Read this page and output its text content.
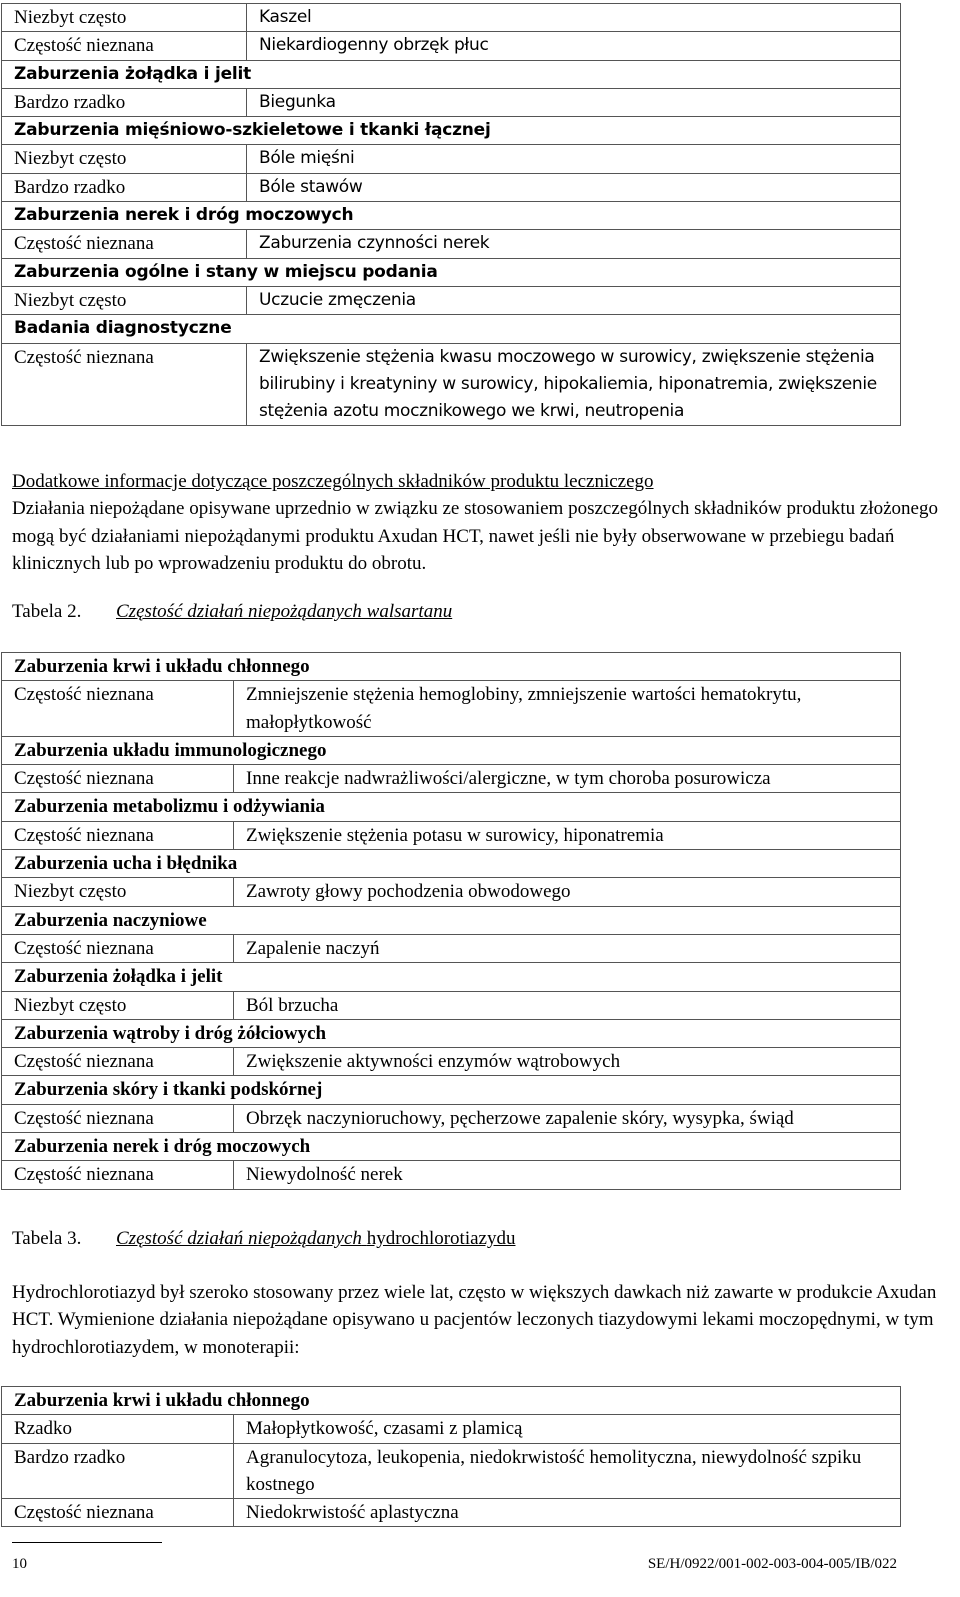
Niezbyt często	Kaszel
Częstość nieznana	Niekardiogenny obrzęk płuc
Zaburzenia żołądka i jelit	
Bardzo rzadko	Biegunka
Zaburzenia mięśniowo-szkieletowe i tkanki łącznej	
Niezbyt często	Bóle mięśni
Bardzo rzadko	Bóle stawów
Zaburzenia nerek i dróg moczowych	
Częstość nieznana	Zaburzenia czynności nerek
Zaburzenia ogólne i stany w miejscu podania	
Niezbyt często	Uczucie zmęczenia
Badania diagnostyczne	
Częstość nieznana	Zwiększenie stężenia kwasu moczowego w surowicy, zwiększenie stężenia bilirubiny i kreatyniny w surowicy, hipokaliemia, hiponatremia, zwiększenie stężenia azotu mocznikowego we krwi, neutropenia
Dodatkowe informacje dotyczące poszczególnych składników produktu leczniczego
Działania niepożądane opisywane uprzednio w związku ze stosowaniem poszczególnych składników produktu złożonego mogą być działaniami niepożądanymi produktu Axudan HCT, nawet jeśli nie były obserwowane w przebiegu badań klinicznych lub po wprowadzeniu produktu do obrotu.
Tabela 2. Częstość działań niepożądanych walsartanu
Zaburzenia krwi i układu chłonnego	
Częstość nieznana	Zmniejszenie stężenia hemoglobiny, zmniejszenie wartości hematokrytu, małopłytkowość
Zaburzenia układu immunologicznego	
Częstość nieznana	Inne reakcje nadwrażliwości/alergiczne, w tym choroba posurowicza
Zaburzenia metabolizmu i odżywiania	
Częstość nieznana	Zwiększenie stężenia potasu w surowicy, hiponatremia
Zaburzenia ucha i błędnika	
Niezbyt często	Zawroty głowy pochodzenia obwodowego
Zaburzenia naczyniowe	
Częstość nieznana	Zapalenie naczyń
Zaburzenia żołądka i jelit	
Niezbyt często	Ból brzucha
Zaburzenia wątroby i dróg żółciowych	
Częstość nieznana	Zwiększenie aktywności enzymów wątrobowych
Zaburzenia skóry i tkanki podskórnej	
Częstość nieznana	Obrzęk naczynioruchowy, pęcherzowe zapalenie skóry, wysypka, świąd
Zaburzenia nerek i dróg moczowych	
Częstość nieznana	Niewydolność nerek
Tabela 3. Częstość działań niepożądanych hydrochlorotiazydu
Hydrochlorotiazyd był szeroko stosowany przez wiele lat, często w większych dawkach niż zawarte w produkcie Axudan HCT. Wymienione działania niepożądane opisywano u pacjentów leczonych tiazydowymi lekami moczopędnymi, w tym hydrochlorotiazydem, w monoterapii:
Zaburzenia krwi i układu chłonnego	
Rzadko	Małopłytkowość, czasami z plamicą
Bardzo rzadko	Agranulocytoza, leukopenia, niedokrwistość hemolityczna, niewydolność szpiku kostnego
Częstość nieznana	Niedokrwistość aplastyczna
10	SE/H/0922/001-002-003-004-005/IB/022
